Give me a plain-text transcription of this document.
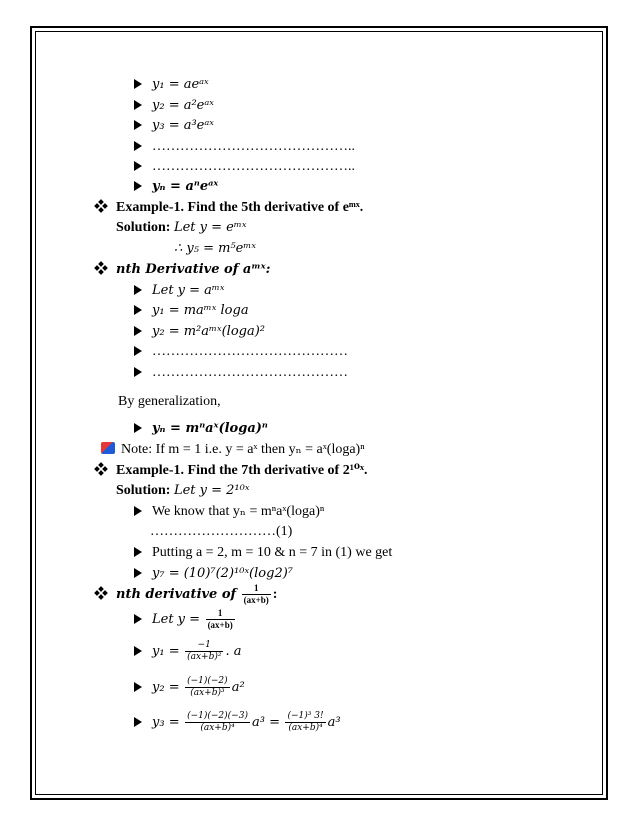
y₁ = aeᵃˣ
y₂ = a²eᵃˣ
y₃ = a³eᵃˣ
……………………………………..
……………………………………..
yₙ = aⁿeᵃˣ
Example-1. Find the 5th derivative of eᵐˣ.
Solution: Let y = eᵐˣ
∴ y₅ = m⁵eᵐˣ
nth Derivative of aᵐˣ:
Let y = aᵐˣ
y₁ = maᵐˣ loga
y₂ = m²aᵐˣ(loga)²
……………………………………
……………………………………
By generalization,
yₙ = mⁿaˣ(loga)ⁿ
Note: If m = 1 i.e. y = aˣ then yₙ = aˣ(loga)ⁿ
Example-1. Find the 7th derivative of 2¹⁰ˣ.
Solution: Let y = 2¹⁰ˣ
We know that yₙ = mⁿaˣ(loga)ⁿ
………………………(1)
Putting a = 2, m = 10 & n = 7 in (1) we get
y₇ = (10)⁷(2)¹⁰ˣ(log2)⁷
nth derivative of $\frac{1}{(ax+b)}$ :
Let $y = \frac{1}{(ax+b)}$
$y_1 = \frac{-1}{\text{(ax+b)²}}$ . a
$y_2 = \frac{(-1)(-2)}{\text{(ax+b)³}} a^2$
$y_3 = \frac{(-1)(-2)(-3)}{\text{(ax+b)⁴}} a^3 = \frac{\text{(−1)³ 3!}}{\text{(ax+b)⁴}} a^3$
